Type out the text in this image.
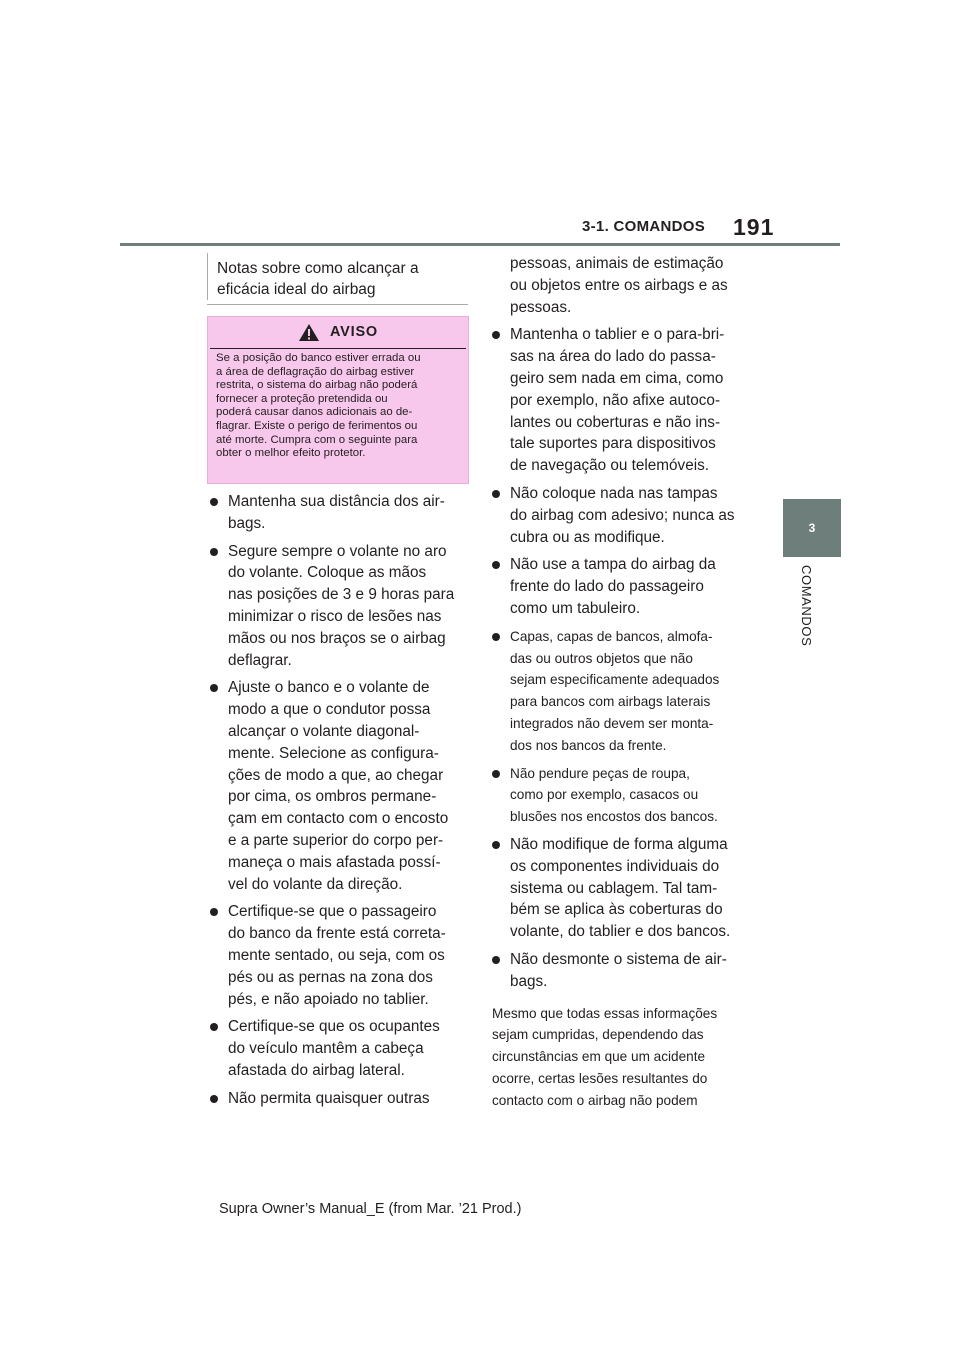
3-1. COMANDOS 191
3
COMANDOS
Notas sobre como alcançar a
eficácia ideal do airbag
AVISO
Se a posição do banco estiver errada ou
a área de deflagração do airbag estiver
restrita, o sistema do airbag não poderá
fornecer a proteção pretendida ou
poderá causar danos adicionais ao de-
flagrar. Existe o perigo de ferimentos ou
até morte. Cumpra com o seguinte para
obter o melhor efeito protetor.
Mantenha sua distância dos air-
bags.
Segure sempre o volante no aro
do volante. Coloque as mãos
nas posições de 3 e 9 horas para
minimizar o risco de lesões nas
mãos ou nos braços se o airbag
deflagrar.
Ajuste o banco e o volante de
modo a que o condutor possa
alcançar o volante diagonal-
mente. Selecione as configura-
ções de modo a que, ao chegar
por cima, os ombros permane-
çam em contacto com o encosto
e a parte superior do corpo per-
maneça o mais afastada possí-
vel do volante da direção.
Certifique-se que o passageiro
do banco da frente está correta-
mente sentado, ou seja, com os
pés ou as pernas na zona dos
pés, e não apoiado no tablier.
Certifique-se que os ocupantes
do veículo mantêm a cabeça
afastada do airbag lateral.
Não permita quaisquer outras
pessoas, animais de estimação
ou objetos entre os airbags e as
pessoas.
Mantenha o tablier e o para-bri-
sas na área do lado do passa-
geiro sem nada em cima, como
por exemplo, não afixe autoco-
lantes ou coberturas e não ins-
tale suportes para dispositivos
de navegação ou telemóveis.
Não coloque nada nas tampas
do airbag com adesivo; nunca as
cubra ou as modifique.
Não use a tampa do airbag da
frente do lado do passageiro
como um tabuleiro.
Capas, capas de bancos, almofa-
das ou outros objetos que não
sejam especificamente adequados
para bancos com airbags laterais
integrados não devem ser monta-
dos nos bancos da frente.
Não pendure peças de roupa,
como por exemplo, casacos ou
blusões nos encostos dos bancos.
Não modifique de forma alguma
os componentes individuais do
sistema ou cablagem. Tal tam-
bém se aplica às coberturas do
volante, do tablier e dos bancos.
Não desmonte o sistema de air-
bags.
Mesmo que todas essas informações
sejam cumpridas, dependendo das
circunstâncias em que um acidente
ocorre, certas lesões resultantes do
contacto com o airbag não podem
Supra Owner’s Manual_E (from Mar. ’21 Prod.)
